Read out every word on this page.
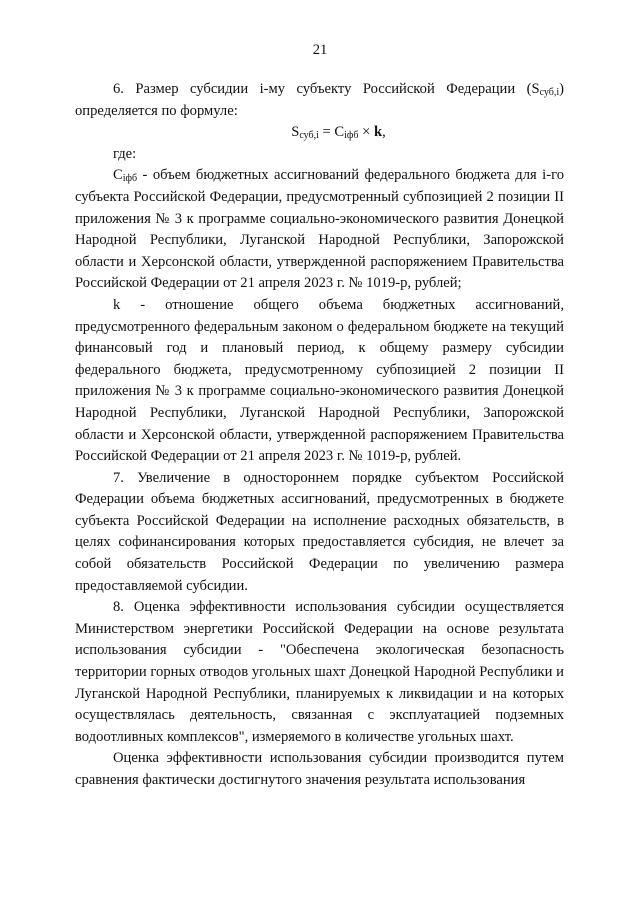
21

6. Размер субсидии i-му субъекту Российской Федерации $(S_{суб,i})$ определяется по формуле:

$S_{суб,i} = C_{iфб} \times k$,

где:

$C_{iфб}$ - объем бюджетных ассигнований федерального бюджета для i-го субъекта Российской Федерации, предусмотренный субпозицией 2 позиции II приложения № 3 к программе социально-экономического развития Донецкой Народной Республики, Луганской Народной Республики, Запорожской области и Херсонской области, утвержденной распоряжением Правительства Российской Федерации от 21 апреля 2023 г. № 1019-р, рублей;

k - отношение общего объема бюджетных ассигнований, предусмотренного федеральным законом о федеральном бюджете на текущий финансовый год и плановый период, к общему размеру субсидии федерального бюджета, предусмотренному субпозицией 2 позиции II приложения № 3 к программе социально-экономического развития Донецкой Народной Республики, Луганской Народной Республики, Запорожской области и Херсонской области, утвержденной распоряжением Правительства Российской Федерации от 21 апреля 2023 г. № 1019-р, рублей.

7. Увеличение в одностороннем порядке субъектом Российской Федерации объема бюджетных ассигнований, предусмотренных в бюджете субъекта Российской Федерации на исполнение расходных обязательств, в целях софинансирования которых предоставляется субсидия, не влечет за собой обязательств Российской Федерации по увеличению размера предоставляемой субсидии.

8. Оценка эффективности использования субсидии осуществляется Министерством энергетики Российской Федерации на основе результата использования субсидии - "Обеспечена экологическая безопасность территории горных отводов угольных шахт Донецкой Народной Республики и Луганской Народной Республики, планируемых к ликвидации и на которых осуществлялась деятельность, связанная с эксплуатацией подземных водоотливных комплексов", измеряемого в количестве угольных шахт.

Оценка эффективности использования субсидии производится путем сравнения фактически достигнутого значения результата использования
